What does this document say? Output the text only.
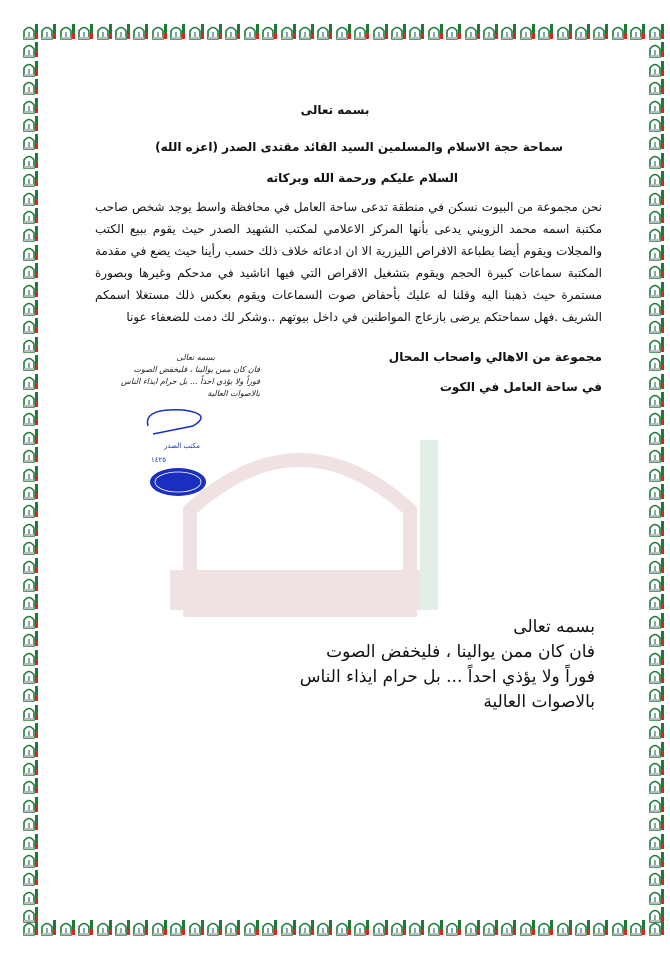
بسمه تعالى
سماحة حجة الاسلام والمسلمين السيد القائد مقتدى الصدر (اعزه الله)
السلام عليكم ورحمة الله وبركاته
نحن مجموعة من البيوت نسكن في منطقة تدعى ساحة العامل في محافظة واسط يوجد شخص صاحب مكتبة اسمه محمد الزويني يدعى بأنها المركز الاعلامي لمكتب الشهيد الصدر حيث يقوم ببيع الكتب والمجلات ويقوم أيضا بطباعة الاقراص الليزرية الا ان ادعائه خلاف ذلك حسب رأينا حيث يضع في مقدمة المكتبة سماعات كبيرة الحجم ويقوم بتشغيل الاقراص التي فيها اناشيد في مدحكم وغيرها وبصورة مستمرة حيث ذهبنا اليه وقلنا له عليك بأحفاض صوت السماعات ويقوم بعكس ذلك مستغلا اسمكم الشريف .فهل سماحتكم يرضى بازعاج المواطنين في داخل بيوتهم ..وشكر لك دمت للضعفاء عونا
مجموعة من الاهالي واصحاب المحال
في ساحة العامل في الكوت
بسمه تعالى
فان كان ممن يوالينا ، فليخفض الصوت
فوراً ولا يؤذي احداً ... بل حرام ايذاء الناس
بالاصوات العالية
مكتب الصدر
١٤٢٥
بسمه تعالى
فان كان ممن يوالينا ، فليخفض الصوت
فوراً ولا يؤذي احداً ... بل حرام ايذاء الناس
بالاصوات العالية
